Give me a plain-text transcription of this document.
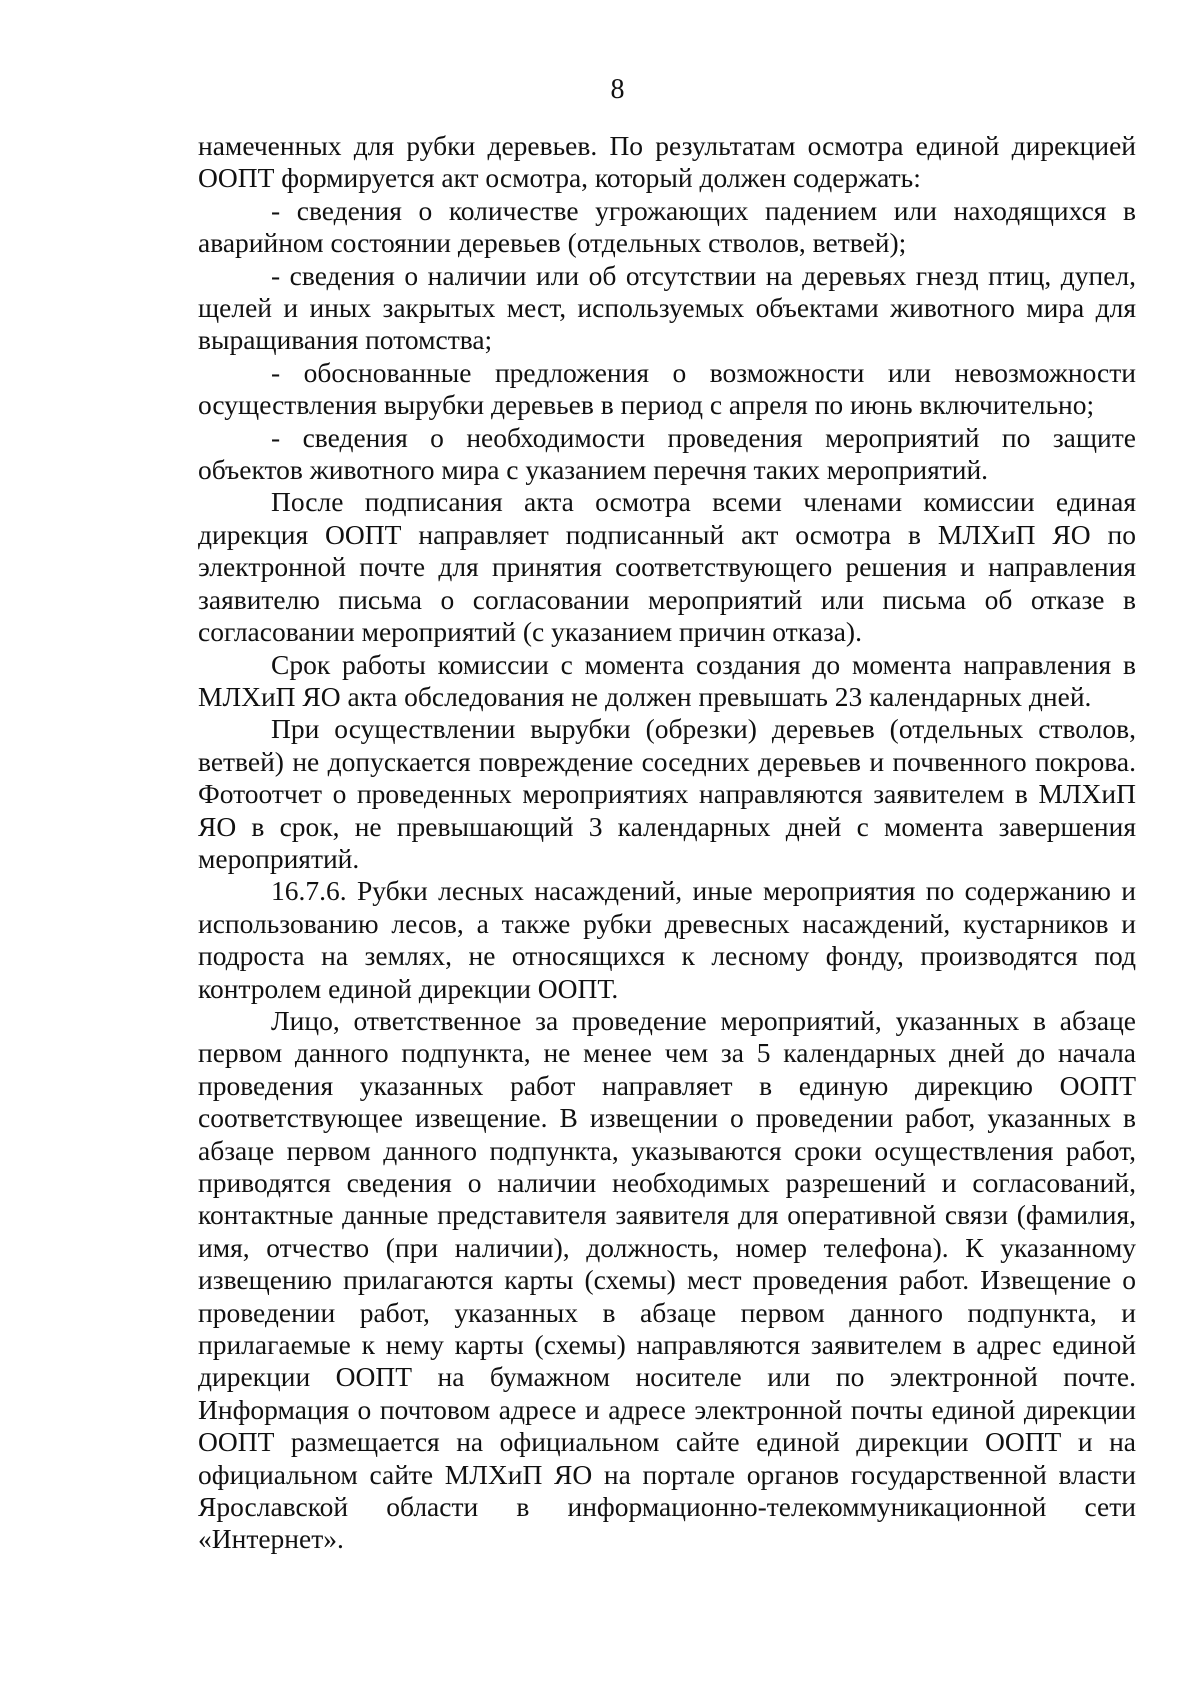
8

намеченных для рубки деревьев. По результатам осмотра единой дирекцией ООПТ формируется акт осмотра, который должен содержать:

- сведения о количестве угрожающих падением или находящихся в аварийном состоянии деревьев (отдельных стволов, ветвей);

- сведения о наличии или об отсутствии на деревьях гнезд птиц, дупел, щелей и иных закрытых мест, используемых объектами животного мира для выращивания потомства;

- обоснованные предложения о возможности или невозможности осуществления вырубки деревьев в период с апреля по июнь включительно;

- сведения о необходимости проведения мероприятий по защите объектов животного мира с указанием перечня таких мероприятий.

После подписания акта осмотра всеми членами комиссии единая дирекция ООПТ направляет подписанный акт осмотра в МЛХиП ЯО по электронной почте для принятия соответствующего решения и направления заявителю письма о согласовании мероприятий или письма об отказе в согласовании мероприятий (с указанием причин отказа).

Срок работы комиссии с момента создания до момента направления в МЛХиП ЯО акта обследования не должен превышать 23 календарных дней.

При осуществлении вырубки (обрезки) деревьев (отдельных стволов, ветвей) не допускается повреждение соседних деревьев и почвенного покрова. Фотоотчет о проведенных мероприятиях направляются заявителем в МЛХиП ЯО в срок, не превышающий 3 календарных дней с момента завершения мероприятий.

16.7.6. Рубки лесных насаждений, иные мероприятия по содержанию и использованию лесов, а также рубки древесных насаждений, кустарников и подроста на землях, не относящихся к лесному фонду, производятся под контролем единой дирекции ООПТ.

Лицо, ответственное за проведение мероприятий, указанных в абзаце первом данного подпункта, не менее чем за 5 календарных дней до начала проведения указанных работ направляет в единую дирекцию ООПТ соответствующее извещение. В извещении о проведении работ, указанных в абзаце первом данного подпункта, указываются сроки осуществления работ, приводятся сведения о наличии необходимых разрешений и согласований, контактные данные представителя заявителя для оперативной связи (фамилия, имя, отчество (при наличии), должность, номер телефона). К указанному извещению прилагаются карты (схемы) мест проведения работ. Извещение о проведении работ, указанных в абзаце первом данного подпункта, и прилагаемые к нему карты (схемы) направляются заявителем в адрес единой дирекции ООПТ на бумажном носителе или по электронной почте. Информация о почтовом адресе и адресе электронной почты единой дирекции ООПТ размещается на официальном сайте единой дирекции ООПТ и на официальном сайте МЛХиП ЯО на портале органов государственной власти Ярославской области в информационно-телекоммуникационной сети «Интернет».
